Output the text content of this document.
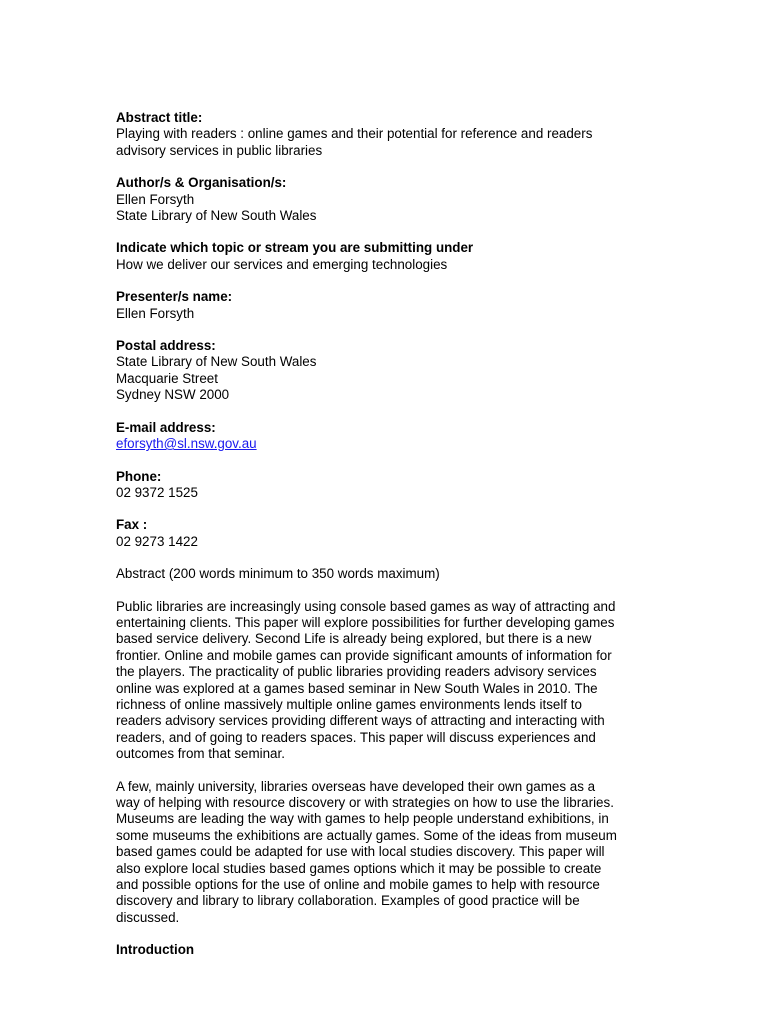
Abstract title:
Playing with readers : online games and their potential for reference and readers
advisory services in public libraries
Author/s & Organisation/s:
Ellen Forsyth
State Library of New South Wales
Indicate which topic or stream you are submitting under
How we deliver our services and emerging technologies
Presenter/s name:
Ellen Forsyth
Postal address:
State Library of New South Wales
Macquarie Street
Sydney NSW 2000
E-mail address:
eforsyth@sl.nsw.gov.au
Phone:
02 9372 1525
Fax :
02 9273 1422
Abstract (200 words minimum to 350 words maximum)
Public libraries are increasingly using console based games as way of attracting and
entertaining clients. This paper will explore possibilities for further developing games
based service delivery. Second Life is already being explored, but there is a new
frontier. Online and mobile games can provide significant amounts of information for
the players. The practicality of public libraries providing readers advisory services
online was explored at a games based seminar in New South Wales in 2010. The
richness of online massively multiple online games environments lends itself to
readers advisory services providing different ways of attracting and interacting with
readers, and of going to readers spaces. This paper will discuss experiences and
outcomes from that seminar.
A few, mainly university, libraries overseas have developed their own games as a
way of helping with resource discovery or with strategies on how to use the libraries.
Museums are leading the way with games to help people understand exhibitions, in
some museums the exhibitions are actually games. Some of the ideas from museum
based games could be adapted for use with local studies discovery. This paper will
also explore local studies based games options which it may be possible to create
and possible options for the use of online and mobile games to help with resource
discovery and library to library collaboration. Examples of good practice will be
discussed.
Introduction
